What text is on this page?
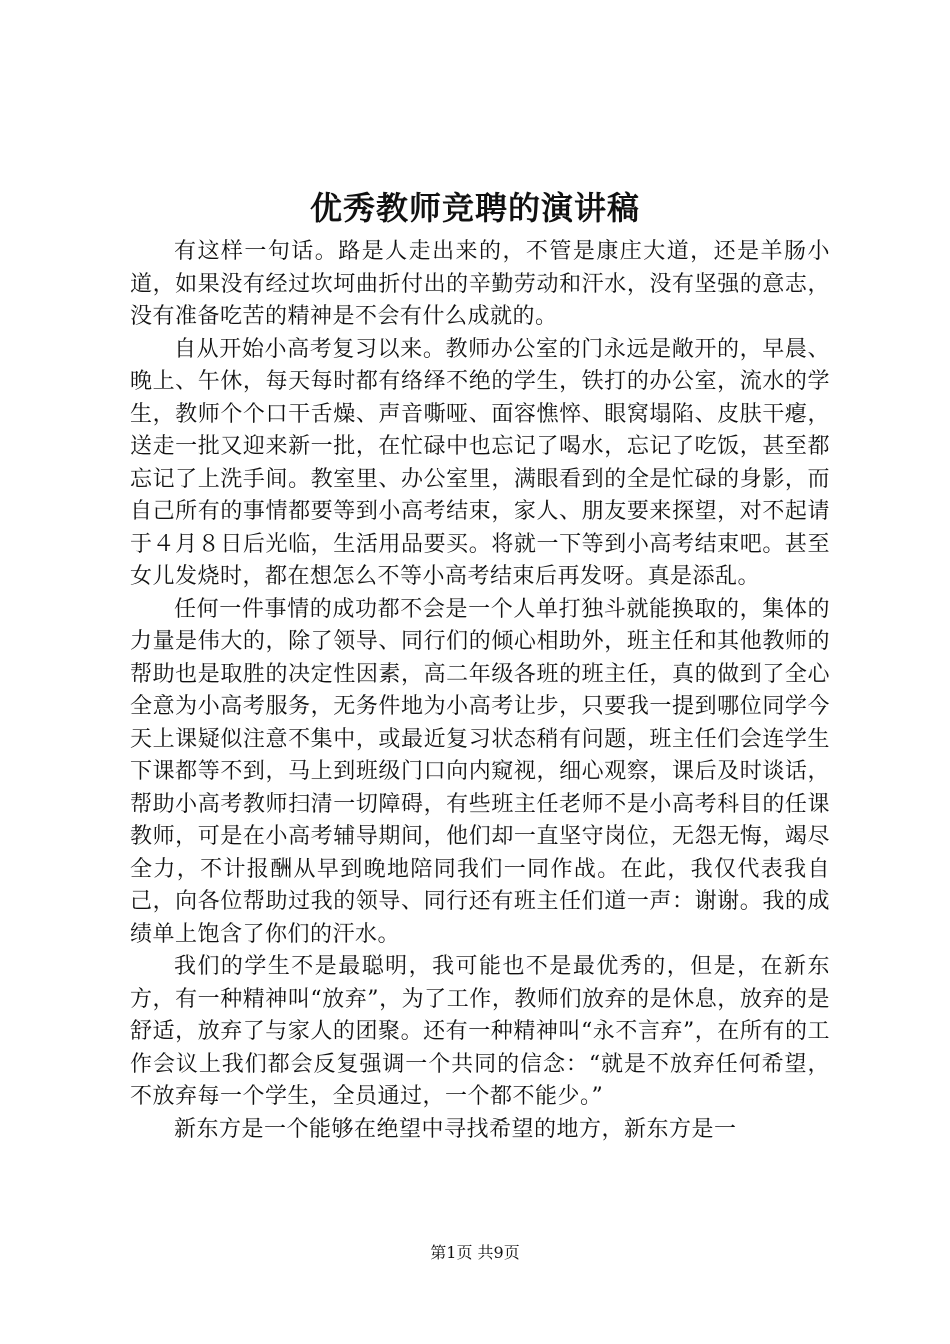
优秀教师竞聘的演讲稿

有这样一句话。路是人走出来的，不管是康庄大道，还是羊肠小道，如果没有经过坎坷曲折付出的辛勤劳动和汗水，没有坚强的意志，没有准备吃苦的精神是不会有什么成就的。

自从开始小高考复习以来。教师办公室的门永远是敞开的，早晨、晚上、午休，每天每时都有络绎不绝的学生，铁打的办公室，流水的学生，教师个个口干舌燥、声音嘶哑、面容憔悴、眼窝塌陷、皮肤干瘪，送走一批又迎来新一批，在忙碌中也忘记了喝水，忘记了吃饭，甚至都忘记了上洗手间。教室里、办公室里，满眼看到的全是忙碌的身影，而自己所有的事情都要等到小高考结束，家人、朋友要来探望，对不起请于４月８日后光临，生活用品要买。将就一下等到小高考结束吧。甚至女儿发烧时，都在想怎么不等小高考结束后再发呀。真是添乱。

任何一件事情的成功都不会是一个人单打独斗就能换取的，集体的力量是伟大的，除了领导、同行们的倾心相助外，班主任和其他教师的帮助也是取胜的决定性因素，高二年级各班的班主任，真的做到了全心全意为小高考服务，无务件地为小高考让步，只要我一提到哪位同学今天上课疑似注意不集中，或最近复习状态稍有问题，班主任们会连学生下课都等不到，马上到班级门口向内窥视，细心观察，课后及时谈话，帮助小高考教师扫清一切障碍，有些班主任老师不是小高考科目的任课教师，可是在小高考辅导期间，他们却一直坚守岗位，无怨无悔，竭尽全力，不计报酬从早到晚地陪同我们一同作战。在此，我仅代表我自己，向各位帮助过我的领导、同行还有班主任们道一声：谢谢。我的成绩单上饱含了你们的汗水。

我们的学生不是最聪明，我可能也不是最优秀的，但是，在新东方，有一种精神叫“放弃”，为了工作，教师们放弃的是休息，放弃的是舒适，放弃了与家人的团聚。还有一种精神叫“永不言弃”，在所有的工作会议上我们都会反复强调一个共同的信念：“就是不放弃任何希望，不放弃每一个学生，全员通过，一个都不能少。”

新东方是一个能够在绝望中寻找希望的地方，新东方是一

第1页 共9页
